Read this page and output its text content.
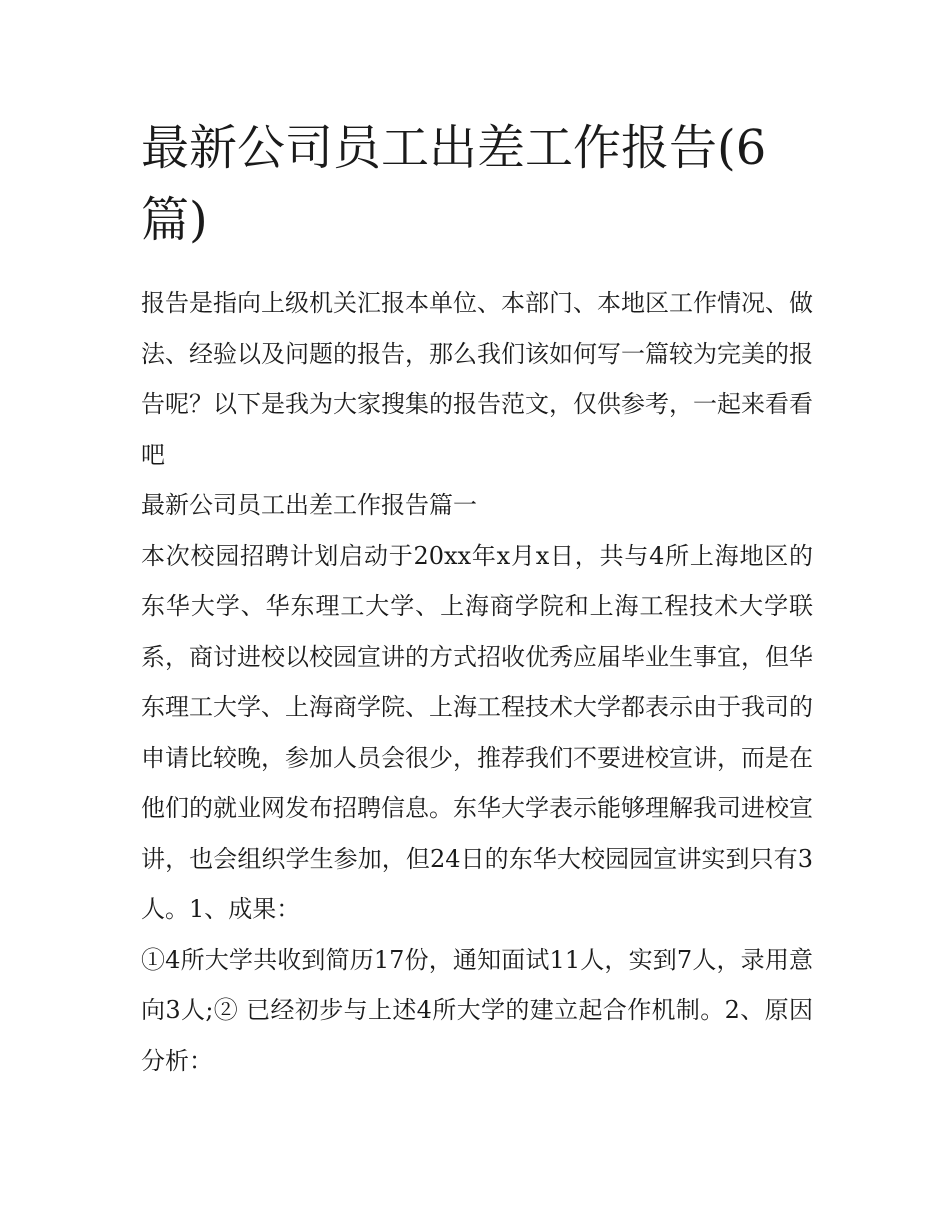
最新公司员工出差工作报告(6篇)

报告是指向上级机关汇报本单位、本部门、本地区工作情况、做法、经验以及问题的报告，那么我们该如何写一篇较为完美的报告呢？以下是我为大家搜集的报告范文，仅供参考，一起来看看吧

最新公司员工出差工作报告篇一

本次校园招聘计划启动于20xx年x月x日，共与4所上海地区的东华大学、华东理工大学、上海商学院和上海工程技术大学联系，商讨进校以校园宣讲的方式招收优秀应届毕业生事宜，但华东理工大学、上海商学院、上海工程技术大学都表示由于我司的申请比较晚，参加人员会很少，推荐我们不要进校宣讲，而是在他们的就业网发布招聘信息。东华大学表示能够理解我司进校宣讲，也会组织学生参加，但24日的东华大校园园宣讲实到只有3人。1、成果：

①4所大学共收到简历17份，通知面试11人，实到7人，录用意向3人;② 已经初步与上述4所大学的建立起合作机制。2、原因分析：
